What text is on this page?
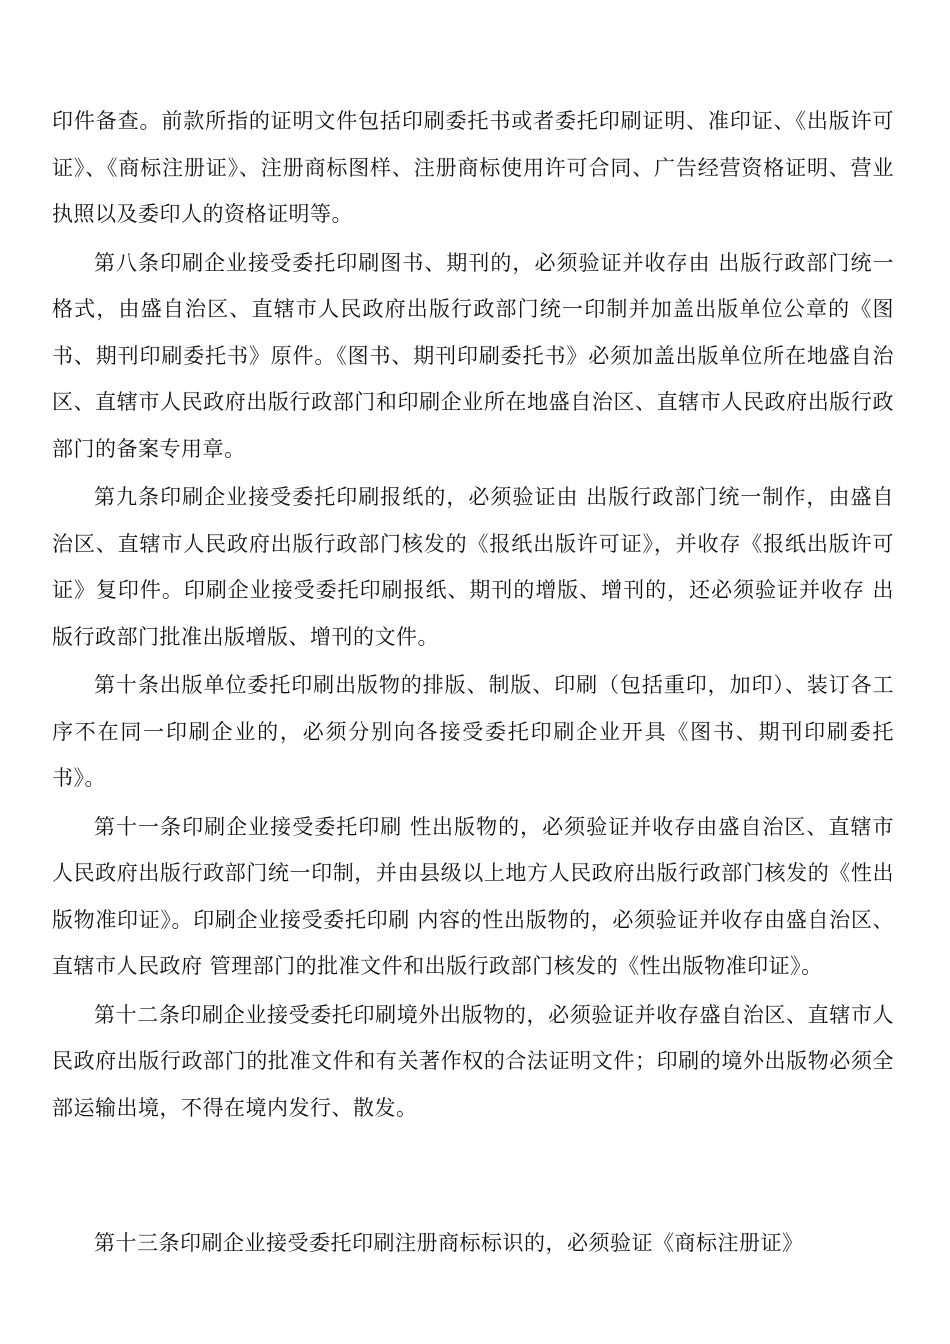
印件备查。前款所指的证明文件包括印刷委托书或者委托印刷证明、准印证、《出版许可证》、《商标注册证》、注册商标图样、注册商标使用许可合同、广告经营资格证明、营业执照以及委印人的资格证明等。

第八条印刷企业接受委托印刷图书、期刊的，必须验证并收存由 出版行政部门统一格式，由盛自治区、直辖市人民政府出版行政部门统一印制并加盖出版单位公章的《图书、期刊印刷委托书》原件。《图书、期刊印刷委托书》必须加盖出版单位所在地盛自治区、直辖市人民政府出版行政部门和印刷企业所在地盛自治区、直辖市人民政府出版行政部门的备案专用章。

第九条印刷企业接受委托印刷报纸的，必须验证由 出版行政部门统一制作，由盛自治区、直辖市人民政府出版行政部门核发的《报纸出版许可证》，并收存《报纸出版许可证》复印件。印刷企业接受委托印刷报纸、期刊的增版、增刊的，还必须验证并收存 出版行政部门批准出版增版、增刊的文件。

第十条出版单位委托印刷出版物的排版、制版、印刷（包括重印，加印）、装订各工序不在同一印刷企业的，必须分别向各接受委托印刷企业开具《图书、期刊印刷委托书》。

第十一条印刷企业接受委托印刷 性出版物的，必须验证并收存由盛自治区、直辖市人民政府出版行政部门统一印制，并由县级以上地方人民政府出版行政部门核发的《性出版物准印证》。印刷企业接受委托印刷 内容的性出版物的，必须验证并收存由盛自治区、直辖市人民政府 管理部门的批准文件和出版行政部门核发的《性出版物准印证》。

第十二条印刷企业接受委托印刷境外出版物的，必须验证并收存盛自治区、直辖市人民政府出版行政部门的批准文件和有关著作权的合法证明文件；印刷的境外出版物必须全部运输出境，不得在境内发行、散发。

第十三条印刷企业接受委托印刷注册商标标识的，必须验证《商标注册证》
